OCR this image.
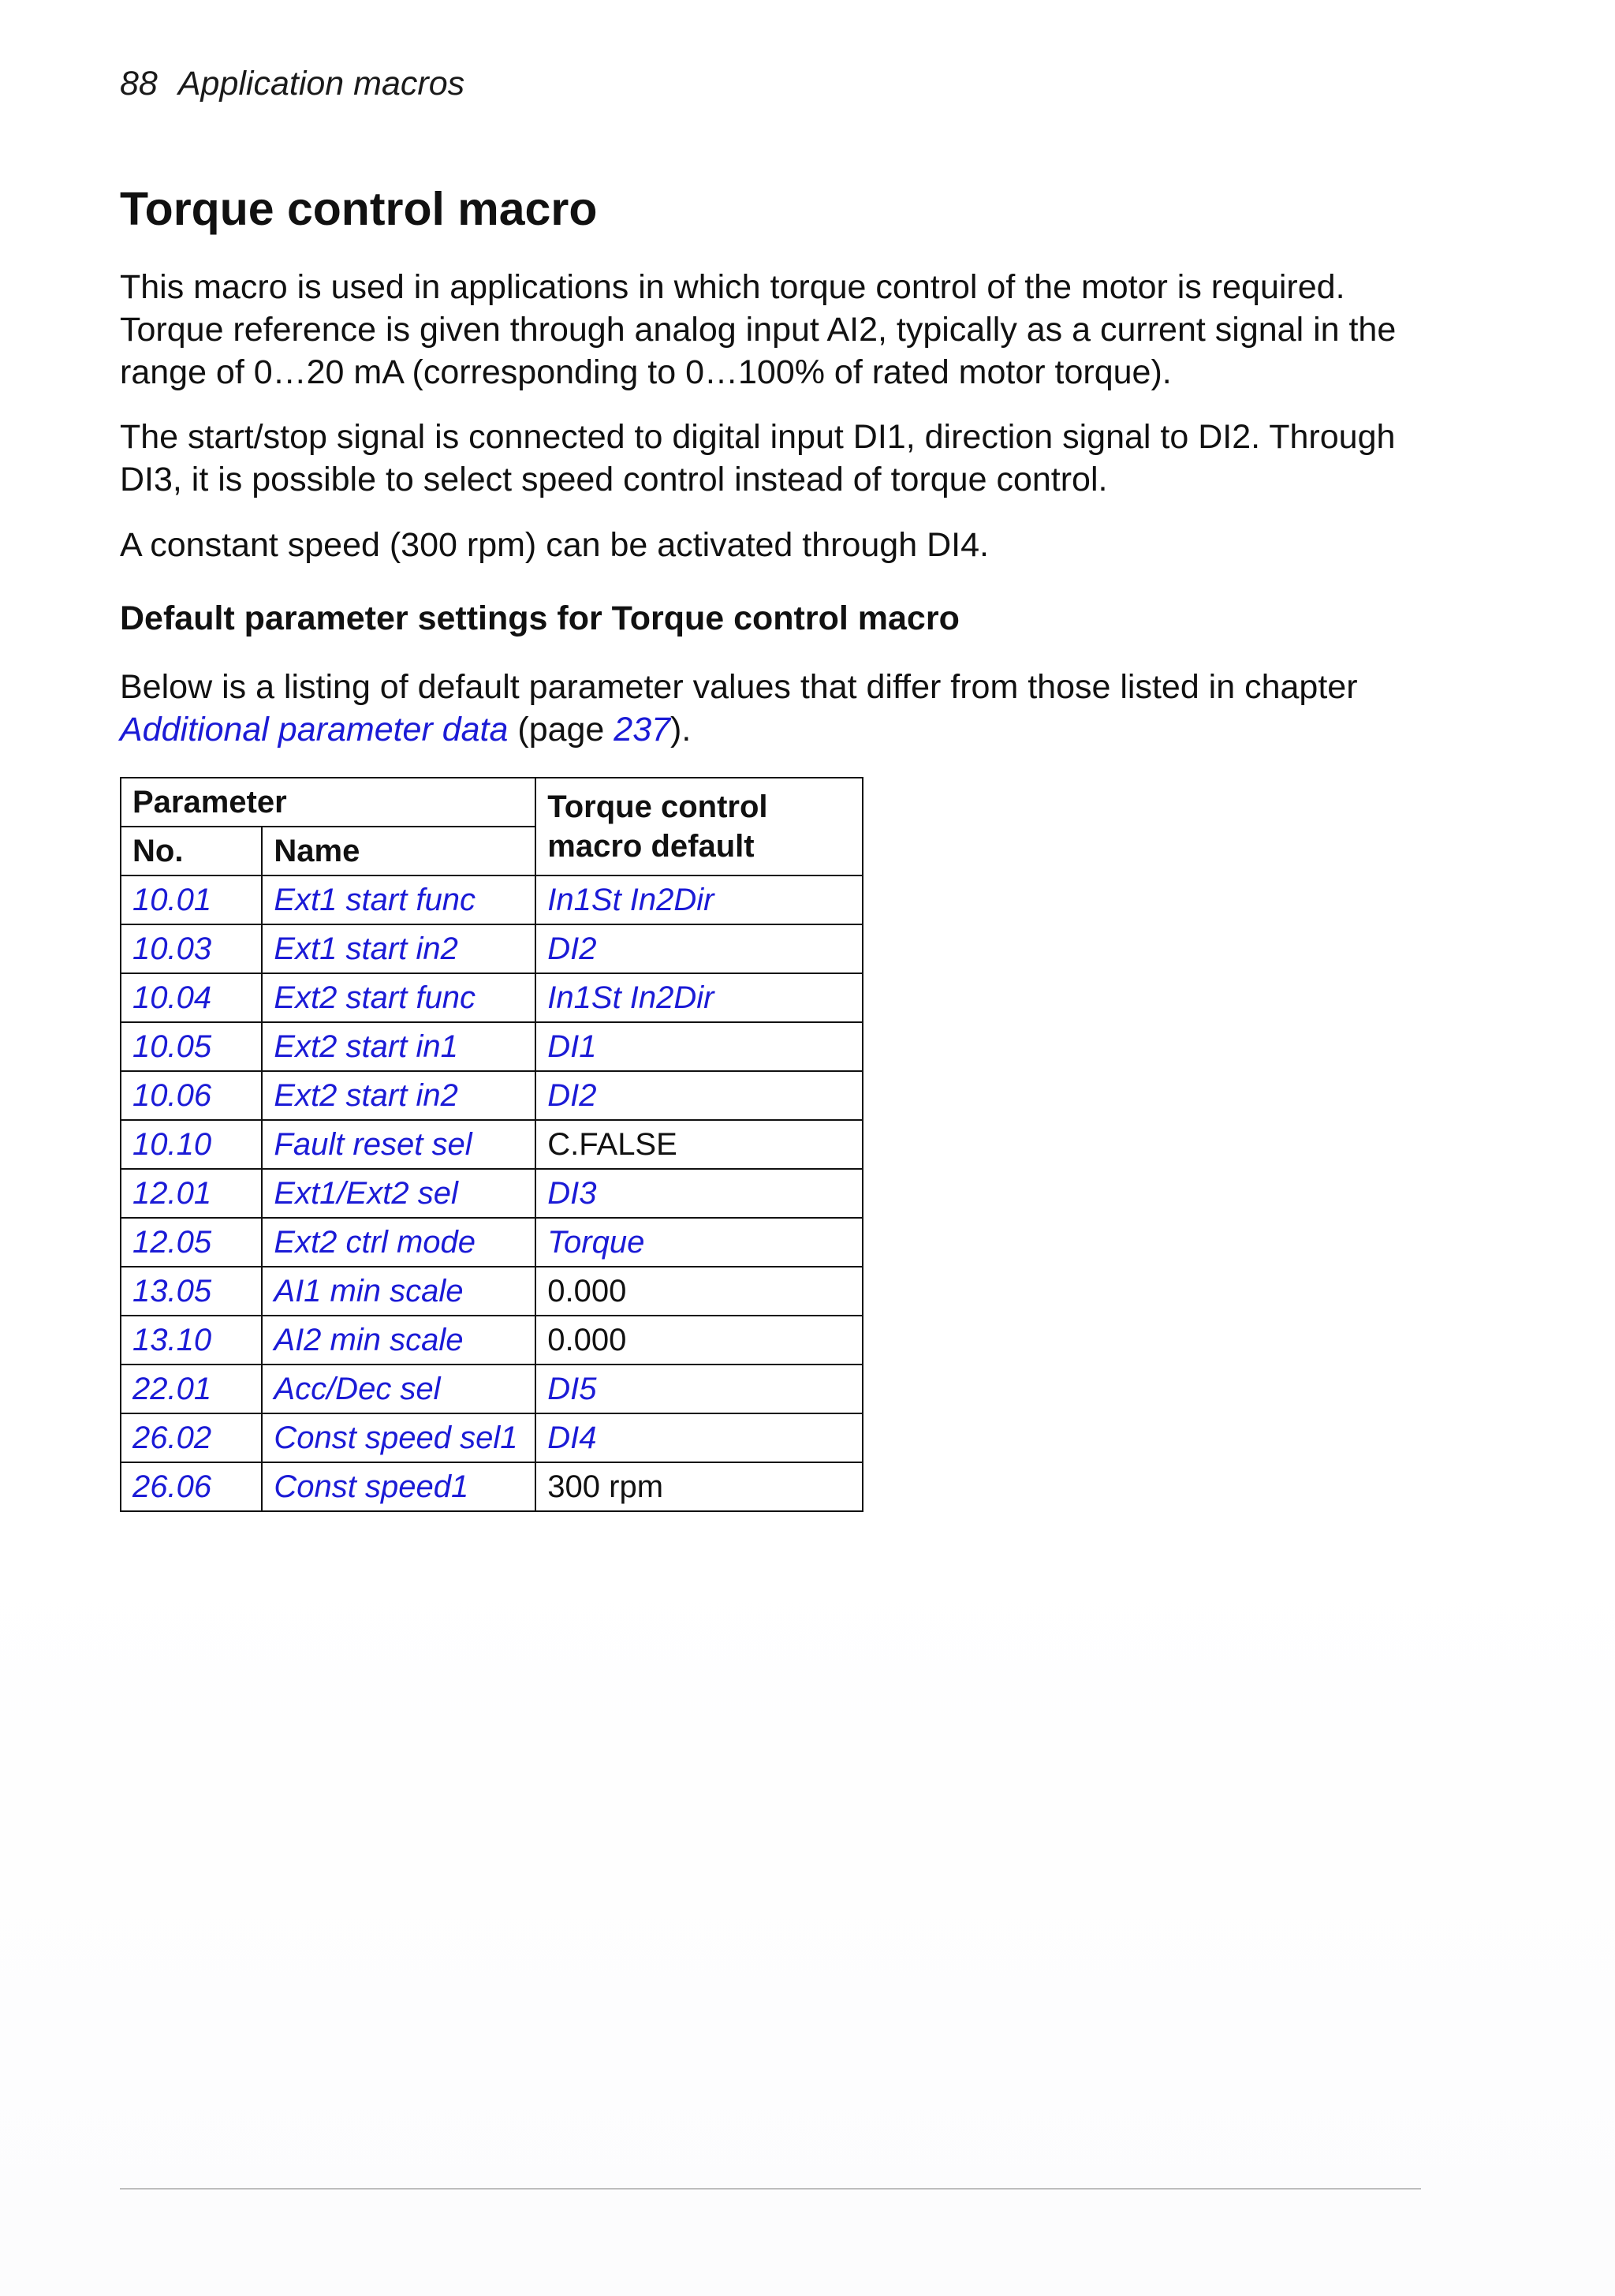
88 Application macros
Torque control macro

This macro is used in applications in which torque control of the motor is required.
Torque reference is given through analog input AI2, typically as a current signal in the
range of 0…20 mA (corresponding to 0…100% of rated motor torque).

The start/stop signal is connected to digital input DI1, direction signal to DI2. Through
DI3, it is possible to select speed control instead of torque control.

A constant speed (300 rpm) can be activated through DI4.

Default parameter settings for Torque control macro

Below is a listing of default parameter values that differ from those listed in chapter
Additional parameter data (page 237).

Parameter		Torque control
macro default
No.	Name	
10.01	Ext1 start func	In1St In2Dir
10.03	Ext1 start in2	DI2
10.04	Ext2 start func	In1St In2Dir
10.05	Ext2 start in1	DI1
10.06	Ext2 start in2	DI2
10.10	Fault reset sel	C.FALSE
12.01	Ext1/Ext2 sel	DI3
12.05	Ext2 ctrl mode	Torque
13.05	AI1 min scale	0.000
13.10	AI2 min scale	0.000
22.01	Acc/Dec sel	DI5
26.02	Const speed sel1	DI4
26.06	Const speed1	300 rpm
